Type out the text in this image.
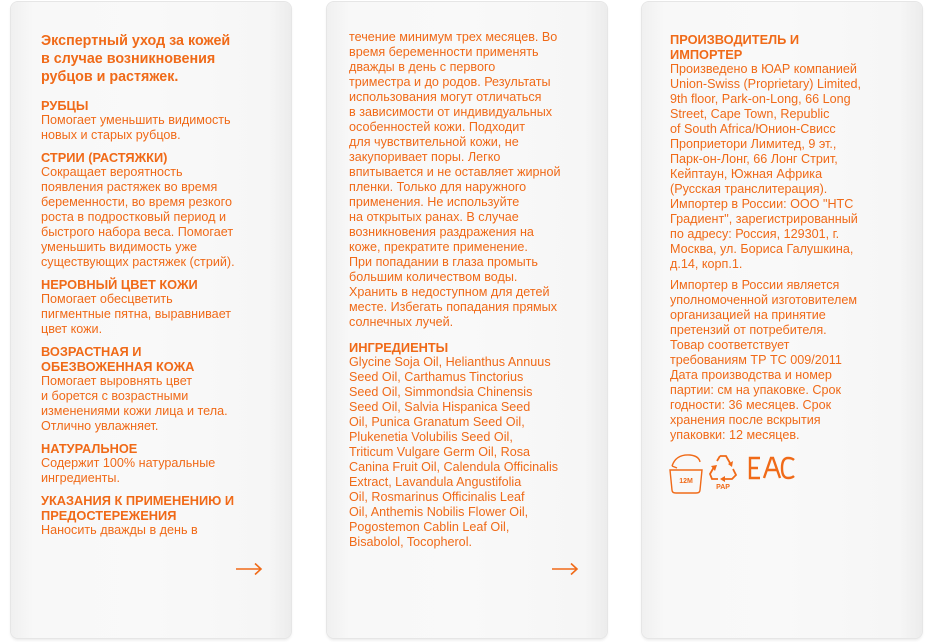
Экспертный уход за кожей
в случае возникновения
рубцов и растяжек.

РУБЦЫ

Помогает уменьшить видимость
новых и старых рубцов.

СТРИИ (РАСТЯЖКИ)

Сокращает вероятность
появления растяжек во время
беременности, во время резкого
роста в подростковый период и
быстрого набора веса. Помогает
уменьшить видимость уже
существующих растяжек (стрий).

НЕРОВНЫЙ ЦВЕТ КОЖИ

Помогает обесцветить
пигментные пятна, выравнивает
цвет кожи.

ВОЗРАСТНАЯ И
ОБЕЗВОЖЕННАЯ КОЖА

Помогает выровнять цвет
и борется с возрастными
изменениями кожи лица и тела.
Отлично увлажняет.

НАТУРАЛЬНОЕ

Содержит 100% натуральные
ингредиенты.

УКАЗАНИЯ К ПРИМЕНЕНИЮ И
ПРЕДОСТЕРЕЖЕНИЯ

Наносить дважды в день в

течение минимум трех месяцев. Во
время беременности применять
дважды в день с первого
триместра и до родов. Результаты
использования могут отличаться
в зависимости от индивидуальных
особенностей кожи. Подходит
для чувствительной кожи, не
закупоривает поры. Легко
впитывается и не оставляет жирной
пленки. Только для наружного
применения. Не используйте
на открытых ранах. В случае
возникновения раздражения на
коже, прекратите применение.
При попадании в глаза промыть
большим количеством воды.
Хранить в недоступном для детей
месте. Избегать попадания прямых
солнечных лучей.

ИНГРЕДИЕНТЫ

Glycine Soja Oil, Helianthus Annuus
Seed Oil, Carthamus Tinctorius
Seed Oil, Simmondsia Chinensis
Seed Oil, Salvia Hispanica Seed
Oil, Punica Granatum Seed Oil,
Plukenetia Volubilis Seed Oil,
Triticum Vulgare Germ Oil, Rosa
Canina Fruit Oil, Calendula Officinalis
Extract, Lavandula Angustifolia
Oil, Rosmarinus Officinalis Leaf
Oil, Anthemis Nobilis Flower Oil,
Pogostemon Cablin Leaf Oil,
Bisabolol, Tocopherol.

ПРОИЗВОДИТЕЛЬ И
ИМПОРТЕР

Произведено в ЮАР компанией
Union-Swiss (Proprietary) Limited,
9th floor, Park-on-Long, 66 Long
Street, Cape Town, Republic
of South Africa/Юнион-Свисс
Проприетори Лимитед, 9 эт.,
Парк-он-Лонг, 66 Лонг Стрит,
Кейптаун, Южная Африка
(Русская транслитерация).
Импортер в России: ООО "НТС
Градиент", зарегистрированный
по адресу: Россия, 129301, г.
Москва, ул. Бориса Галушкина,
д.14, корп.1.

Импортер в России является
уполномоченной изготовителем
организацией на принятие
претензий от потребителя.
Товар соответствует
требованиям ТР ТС 009/2011
Дата производства и номер
партии: см на упаковке. Срок
годности: 36 месяцев. Срок
хранения после вскрытия
упаковки: 12 месяцев.

12M
PAP
